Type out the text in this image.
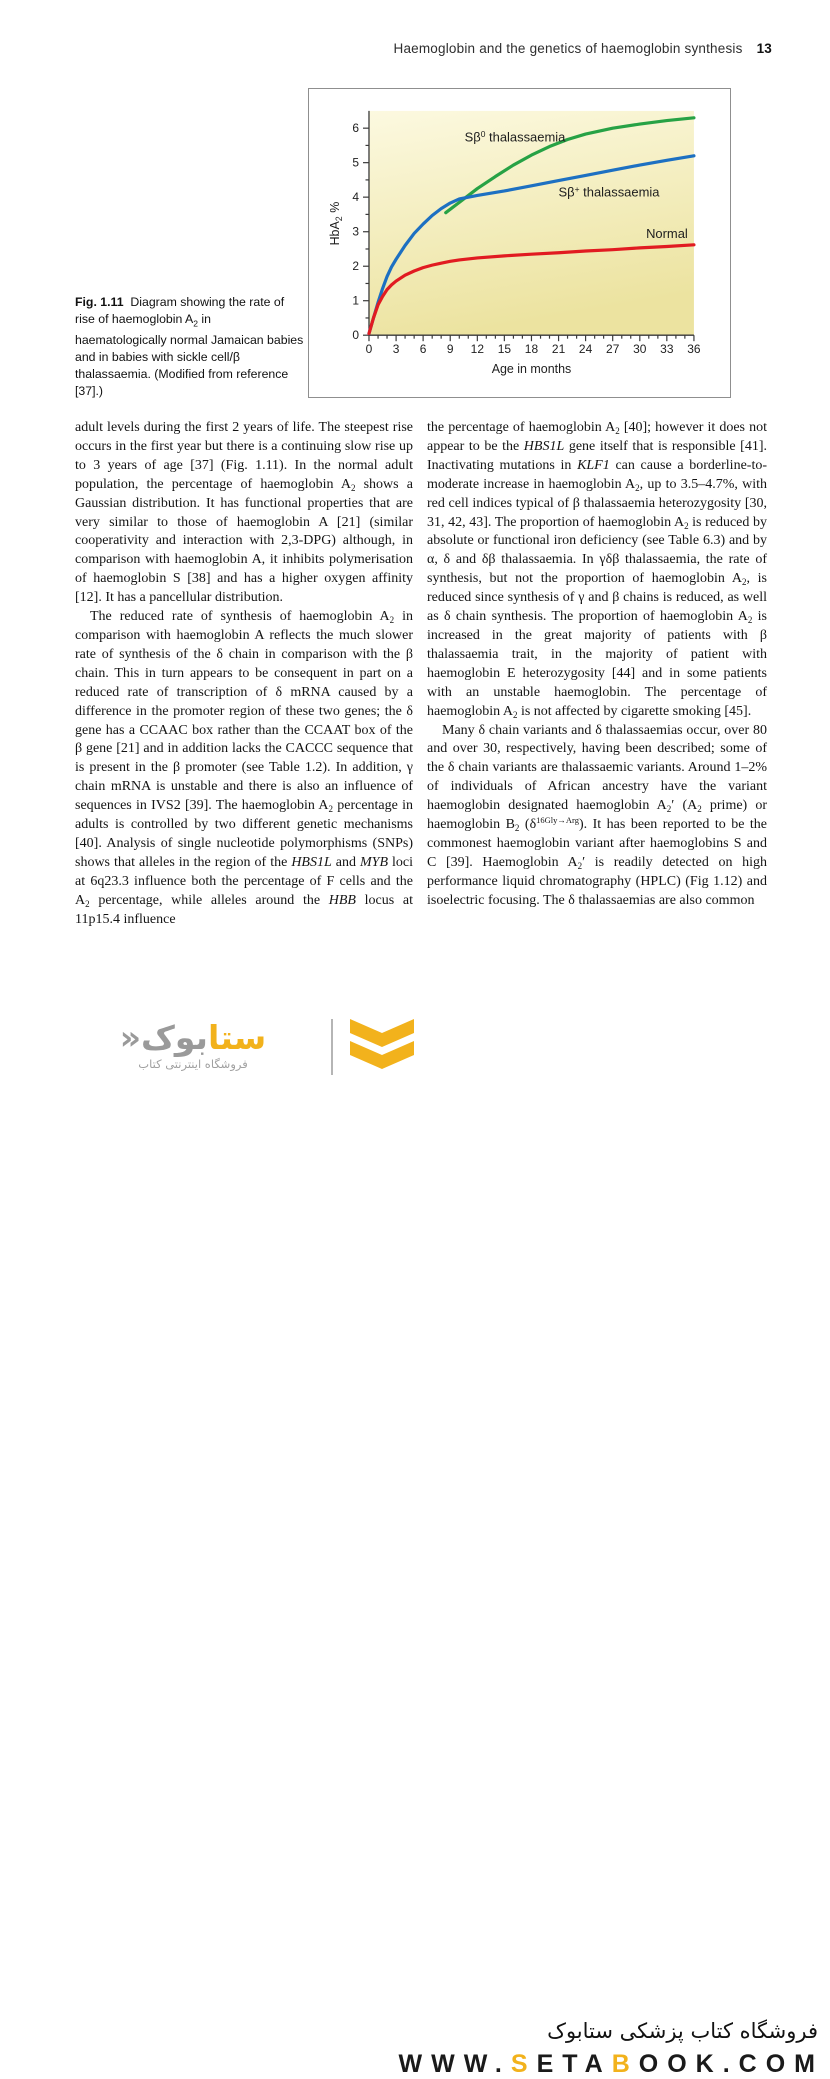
Haemoglobin and the genetics of haemoglobin synthesis 13
0 3 6 9 12 15 18 21 24 27 30 33 36
0
1
2
3
4
5
6
HbA$_2$ %
Age in months
$S\beta^0$ thalassaemia
Sβ+ thalassaemia
Normal
Fig. 1.11  Diagram showing the rate of rise of haemoglobin $A_2$ in haematologically normal Jamaican babies and in babies with sickle cell/β thalassaemia. (Modified from reference [37].)

adult levels during the first 2 years of life. The steepest rise occurs in the first year but there is a continuing slow rise up to 3 years of age [37] (Fig. 1.11). In the normal adult population, the percentage of haemoglobin $A_2$ shows a Gaussian distribution. It has functional properties that are very similar to those of haemoglobin A [21] (similar cooperativity and interaction with 2,3-DPG) although, in comparison with haemoglobin A, it inhibits polymerisation of haemoglobin S [38] and has a higher oxygen affinity [12]. It has a pancellular distribution.

The reduced rate of synthesis of haemoglobin $A_2$ in comparison with haemoglobin A reflects the much slower rate of synthesis of the δ chain in comparison with the β chain. This in turn appears to be consequent in part on a reduced rate of transcription of δ mRNA caused by a difference in the promoter region of these two genes; the δ gene has a CCAAC box rather than the CCAAT box of the β gene [21] and in addition lacks the CACCC sequence that is present in the β promoter (see Table 1.2). In addition, γ chain mRNA is unstable and there is also an influence of sequences in IVS2 [39]. The haemoglobin $A_2$ percentage in adults is controlled by two different genetic mechanisms [40]. Analysis of single nucleotide polymorphisms (SNPs) shows that alleles in the region of the HBS1L and MYB loci at 6q23.3 influence both the percentage of F cells and the $A_2$ percentage, while alleles around the HBB locus at 11p15.4 influence

the percentage of haemoglobin $A_2$ [40]; however it does not appear to be the HBS1L gene itself that is responsible [41]. Inactivating mutations in KLF1 can cause a borderline-to-moderate increase in haemoglobin $A_2$, up to 3.5–4.7%, with red cell indices typical of β thalassaemia heterozygosity [30, 31, 42, 43]. The proportion of haemoglobin $A_2$ is reduced by absolute or functional iron deficiency (see Table 6.3) and by α, δ and δβ thalassaemia. In γδβ thalassaemia, the rate of synthesis, but not the proportion of haemoglobin $A_2$, is reduced since synthesis of γ and β chains is reduced, as well as δ chain synthesis. The proportion of haemoglobin $A_2$ is increased in the great majority of patients with β thalassaemia trait, in the majority of patient with haemoglobin E heterozygosity [44] and in some patients with an unstable haemoglobin. The percentage of haemoglobin $A_2$ is not affected by cigarette smoking [45].

Many δ chain variants and δ thalassaemias occur, over 80 and over 30, respectively, having been described; some of the δ chain variants are thalassaemic variants. Around 1–2% of individuals of African ancestry have the variant haemoglobin designated haemoglobin $A_2'$ ($A_2$ prime) or haemoglobin $B_2$ $(\delta^{16Gly\to Arg})$. It has been reported to be the commonest haemoglobin variant after haemoglobins S and C [39]. Haemoglobin $A_2'$ is readily detected on high performance liquid chromatography (HPLC) (Fig 1.12) and isoelectric focusing. The δ thalassaemias are also common

ستابوک«
فروشگاه اینترنتی کتاب
فروشگاه کتاب پزشکی ستابوک
WWW.SETABOOK.COM
